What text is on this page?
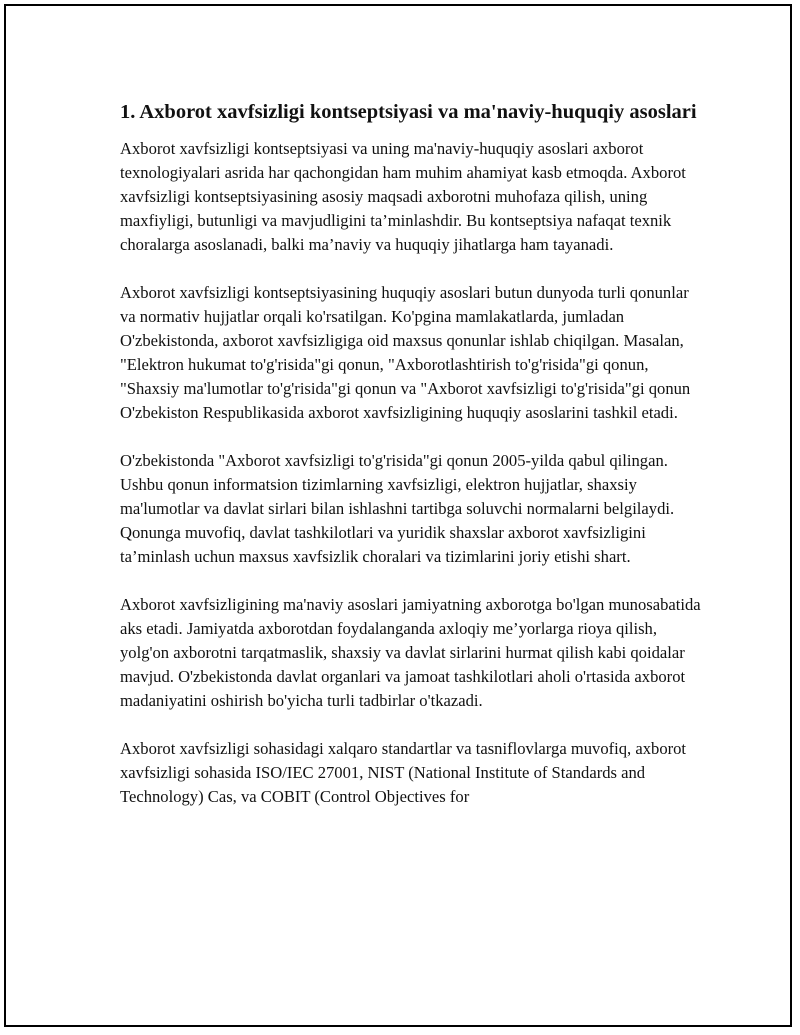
1. Axborot xavfsizligi kontseptsiyasi va ma'naviy-huquqiy asoslari

Axborot xavfsizligi kontseptsiyasi va uning ma'naviy-huquqiy asoslari axborot texnologiyalari asrida har qachongidan ham muhim ahamiyat kasb etmoqda. Axborot xavfsizligi kontseptsiyasining asosiy maqsadi axborotni muhofaza qilish, uning maxfiyligi, butunligi va mavjudligini ta’minlashdir. Bu kontseptsiya nafaqat texnik choralarga asoslanadi, balki ma’naviy va huquqiy jihatlarga ham tayanadi.

Axborot xavfsizligi kontseptsiyasining huquqiy asoslari butun dunyoda turli qonunlar va normativ hujjatlar orqali ko'rsatilgan. Ko'pgina mamlakatlarda, jumladan O'zbekistonda, axborot xavfsizligiga oid maxsus qonunlar ishlab chiqilgan. Masalan, "Elektron hukumat to'g'risida"gi qonun, "Axborotlashtirish to'g'risida"gi qonun, "Shaxsiy ma'lumotlar to'g'risida"gi qonun va "Axborot xavfsizligi to'g'risida"gi qonun O'zbekiston Respublikasida axborot xavfsizligining huquqiy asoslarini tashkil etadi.

O'zbekistonda "Axborot xavfsizligi to'g'risida"gi qonun 2005-yilda qabul qilingan. Ushbu qonun informatsion tizimlarning xavfsizligi, elektron hujjatlar, shaxsiy ma'lumotlar va davlat sirlari bilan ishlashni tartibga soluvchi normalarni belgilaydi. Qonunga muvofiq, davlat tashkilotlari va yuridik shaxslar axborot xavfsizligini ta’minlash uchun maxsus xavfsizlik choralari va tizimlarini joriy etishi shart.

Axborot xavfsizligining ma'naviy asoslari jamiyatning axborotga bo'lgan munosabatida aks etadi. Jamiyatda axborotdan foydalanganda axloqiy me’yorlarga rioya qilish, yolg'on axborotni tarqatmaslik, shaxsiy va davlat sirlarini hurmat qilish kabi qoidalar mavjud. O'zbekistonda davlat organlari va jamoat tashkilotlari aholi o'rtasida axborot madaniyatini oshirish bo'yicha turli tadbirlar o'tkazadi.

Axborot xavfsizligi sohasidagi xalqaro standartlar va tasniflovlarga muvofiq, axborot xavfsizligi sohasida ISO/IEC 27001, NIST (National Institute of Standards and Technology) Cas, va COBIT (Control Objectives for
